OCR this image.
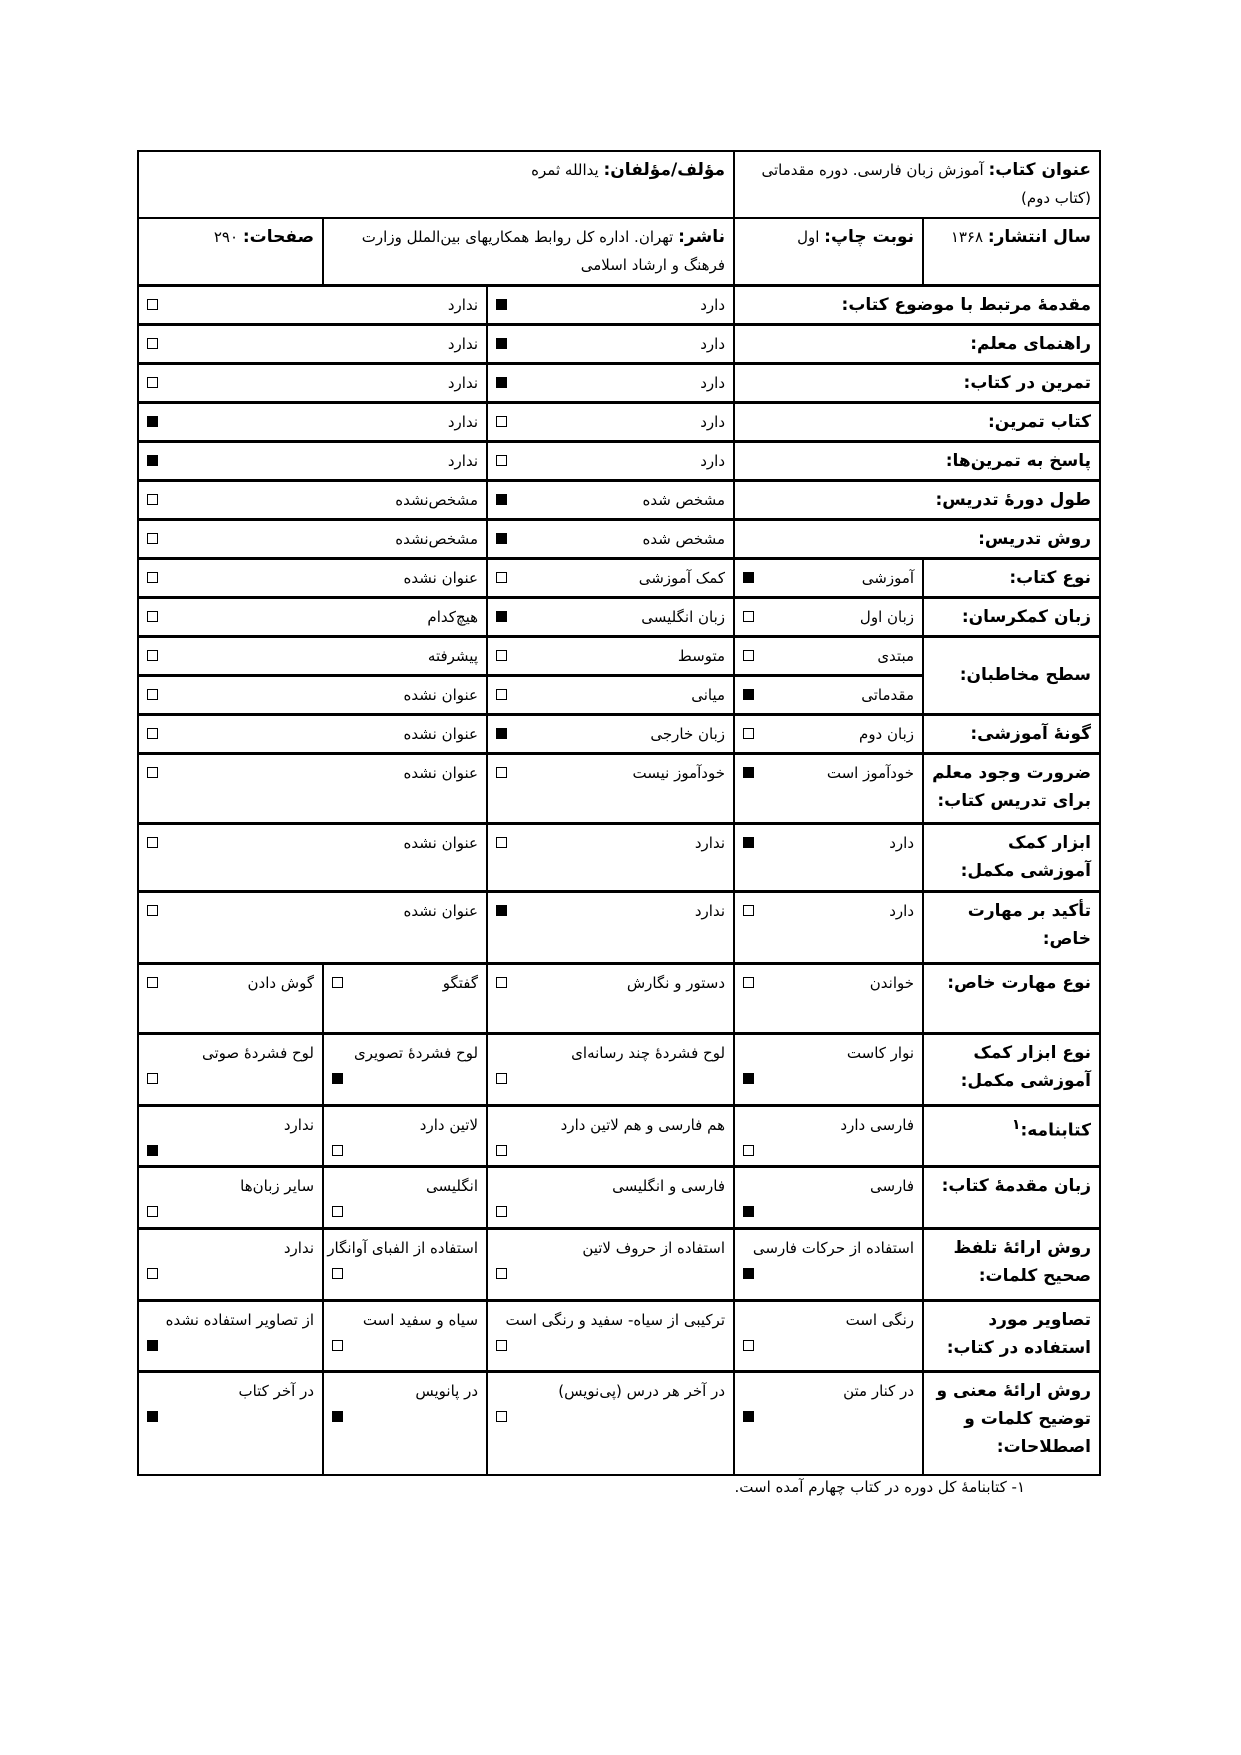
عنوان کتاب: آموزش زبان فارسی. دوره مقدماتی (کتاب دوم)		مؤلف/مؤلفان: یدالله ثمره		
سال انتشار: ۱۳۶۸	نوبت چاپ: اول	ناشر: تهران. اداره کل روابط همکاریهای بین‌الملل وزارت فرهنگ و ارشاد اسلامی		صفحات: ۲۹۰
مقدمهٔ مرتبط با موضوع کتاب:		دارد	ندارد	

راهنمای معلم:		دارد	ندارد	

تمرین در کتاب:		دارد	ندارد	

کتاب تمرین:		دارد	ندارد	

پاسخ به تمرین‌ها:		دارد	ندارد	

طول دورهٔ تدریس:		مشخص شده	مشخص‌نشده	

روش تدریس:		مشخص شده	مشخص‌نشده	

نوع کتاب:	آموزشی	کمک آموزشی	عنوان نشده	

زبان کمکرسان:	زبان اول	زبان انگلیسی	هیچ‌کدام	

سطح مخاطبان:	مبتدی	متوسط	پیشرفته	

	مقدماتی	میانی	عنوان نشده	

گونهٔ آموزشی:	زبان دوم	زبان خارجی	عنوان نشده	

ضرورت وجود معلم برای تدریس کتاب:	خودآموز است	خودآموز نیست	عنوان نشده	

ابزار کمک آموزشی مکمل:	دارد	ندارد	عنوان نشده	

تأکید بر مهارت خاص:	دارد	ندارد	عنوان نشده	

نوع مهارت خاص:	خواندن	دستور و نگارش	گفتگو	گوش دادن

نوع ابزار کمک آموزشی مکمل:	نوار کاست	لوح فشردهٔ چند رسانه‌ای	لوح فشردهٔ تصویری	لوح فشردهٔ صوتی

کتابنامه:$^۱$	فارسی دارد	هم فارسی و هم لاتین دارد	لاتین دارد	ندارد

زبان مقدمهٔ کتاب:	فارسی	فارسی و انگلیسی	انگلیسی	سایر زبان‌ها

روش ارائهٔ تلفظ صحیح کلمات:	استفاده از حرکات فارسی	استفاده از حروف لاتین	استفاده از الفبای آوانگار	ندارد

تصاویر مورد استفاده در کتاب:	رنگی است	ترکیبی از سیاه- سفید و رنگی است	سیاه و سفید است	از تصاویر استفاده نشده

روش ارائهٔ معنی و توضیح کلمات و اصطلاحات:	در کنار متن	در آخر هر درس (پی‌نویس)	در پانویس	در آخر کتاب
۱- کتابنامهٔ کل دوره در کتاب چهارم آمده است.
